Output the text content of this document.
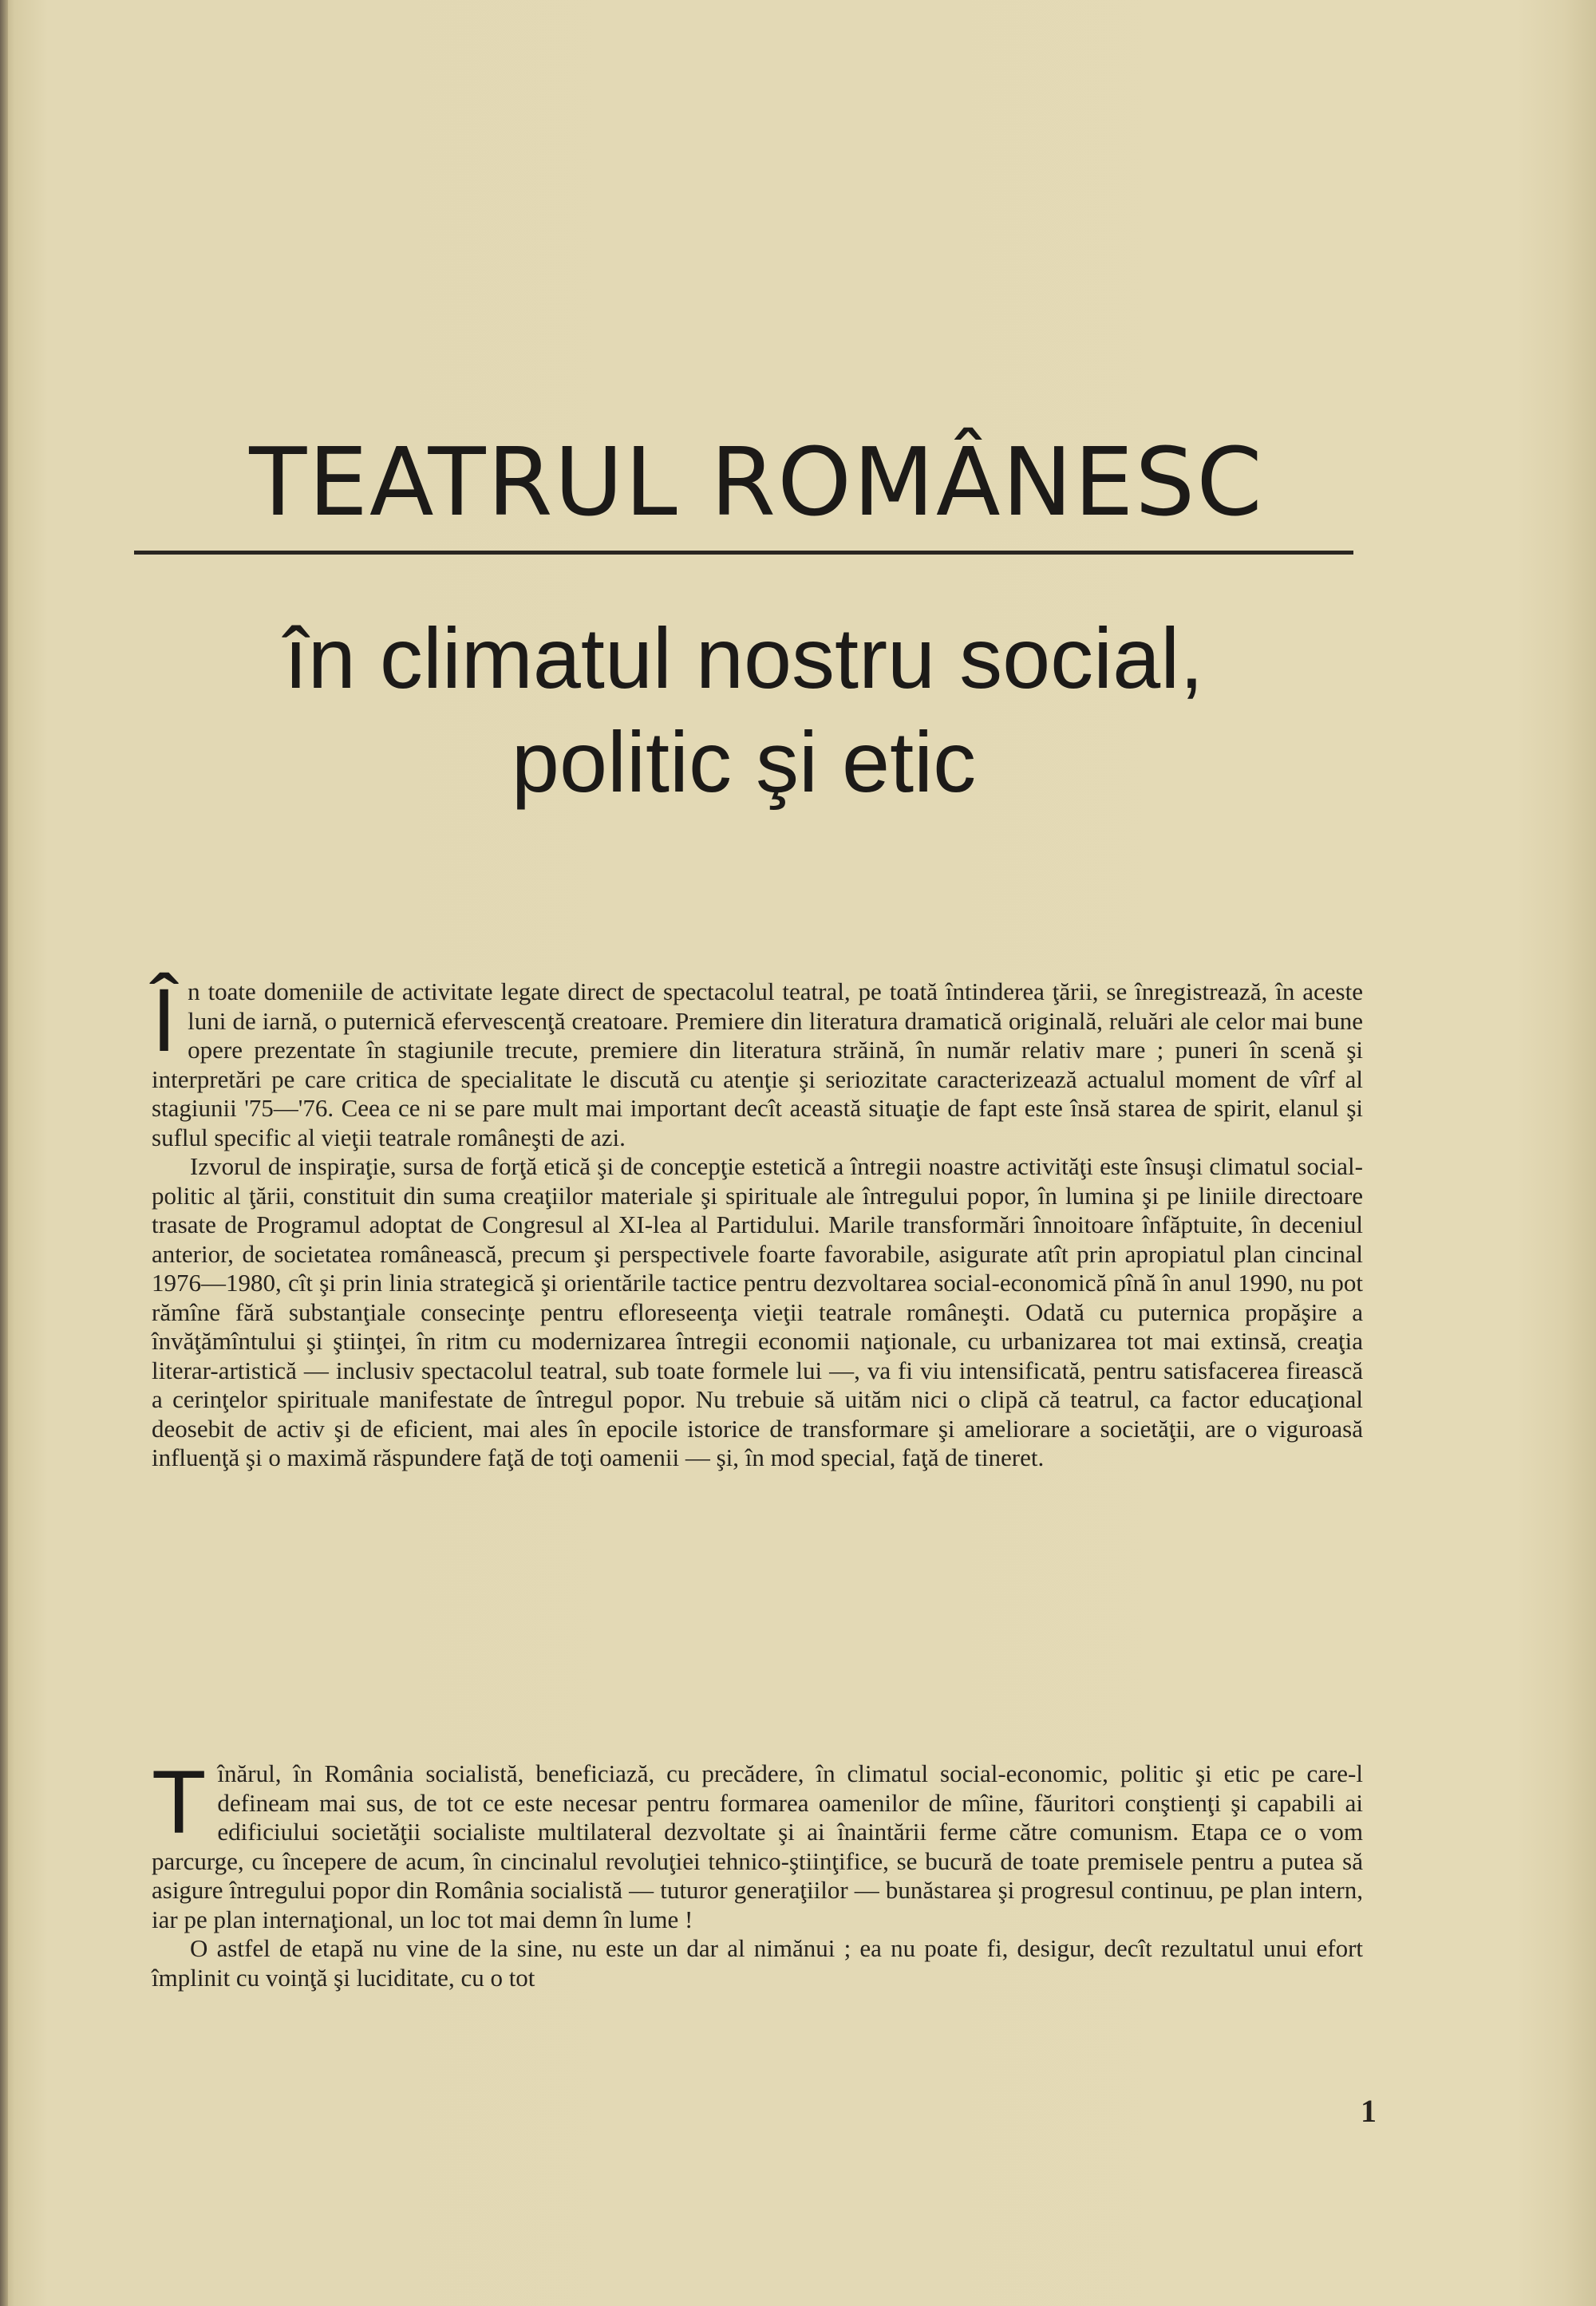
TEATRUL ROMÂNESC
în climatul nostru social,
politic şi etic

În toate domeniile de activitate legate direct de spectacolul teatral, pe toată întinderea ţării, se înregistrează, în aceste luni de iarnă, o puternică efervescenţă creatoare. Premiere din literatura dramatică originală, reluări ale celor mai bune opere prezentate în stagiunile trecute, premiere din literatura străină, în număr relativ mare ; puneri în scenă şi interpretări pe care critica de specialitate le discută cu atenţie şi seriozitate caracterizează actualul moment de vîrf al stagiunii '75—'76. Ceea ce ni se pare mult mai important decît această situaţie de fapt este însă starea de spirit, elanul şi suflul specific al vieţii teatrale româneşti de azi.

Izvorul de inspiraţie, sursa de forţă etică şi de concepţie estetică a întregii noastre activităţi este însuşi climatul social-politic al ţării, constituit din suma creaţiilor materiale şi spirituale ale întregului popor, în lumina şi pe liniile directoare trasate de Programul adoptat de Congresul al XI-lea al Partidului. Marile transformări înnoitoare înfăptuite, în deceniul anterior, de societatea românească, precum şi perspectivele foarte favorabile, asigurate atît prin apropiatul plan cincinal 1976—1980, cît şi prin linia strategică şi orientările tactice pentru dezvoltarea social-economică pînă în anul 1990, nu pot rămîne fără substanţiale consecinţe pentru efloreseenţa vieţii teatrale româneşti. Odată cu puternica propăşire a învăţămîntului şi ştiinţei, în ritm cu modernizarea întregii economii naţionale, cu urbanizarea tot mai extinsă, creaţia literar-artistică — inclusiv spectacolul teatral, sub toate formele lui —, va fi viu intensificată, pentru satisfacerea firească a cerinţelor spirituale manifestate de întregul popor. Nu trebuie să uităm nici o clipă că teatrul, ca factor educaţional deosebit de activ şi de eficient, mai ales în epocile istorice de transformare şi ameliorare a societăţii, are o viguroasă influenţă şi o maximă răspundere faţă de toţi oamenii — şi, în mod special, faţă de tineret.

Tînărul, în România socialistă, beneficiază, cu precădere, în climatul social-economic, politic şi etic pe care-l defineam mai sus, de tot ce este necesar pentru formarea oamenilor de mîine, făuritori conştienţi şi capabili ai edificiului societăţii socialiste multilateral dezvoltate şi ai înaintării ferme către comunism. Etapa ce o vom parcurge, cu începere de acum, în cincinalul revoluţiei tehnico-ştiinţifice, se bucură de toate premisele pentru a putea să asigure întregului popor din România socialistă — tuturor generaţiilor — bunăstarea şi progresul continuu, pe plan intern, iar pe plan internaţional, un loc tot mai demn în lume !

O astfel de etapă nu vine de la sine, nu este un dar al nimănui ; ea nu poate fi, desigur, decît rezultatul unui efort împlinit cu voinţă şi luciditate, cu o tot

1
